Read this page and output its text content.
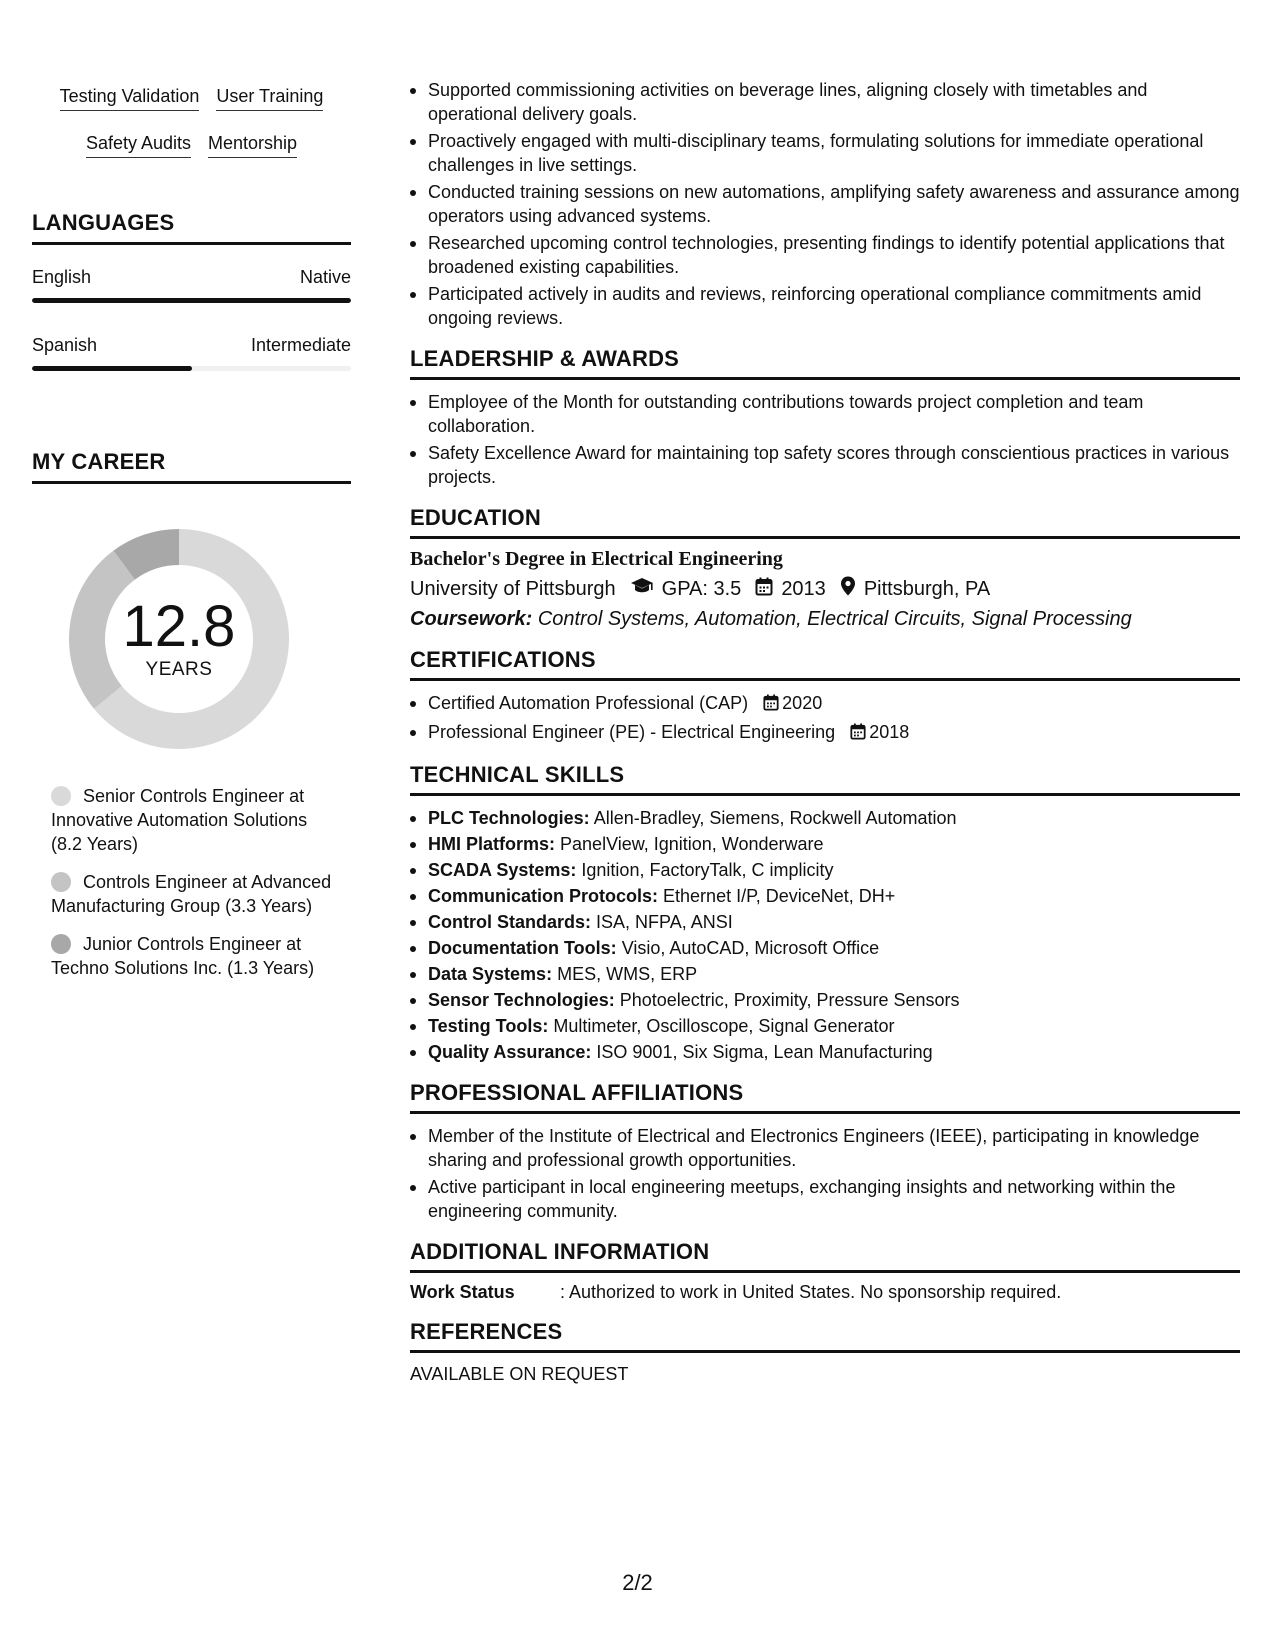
Testing Validation User Training
Safety Audits Mentorship
LANGUAGES
English	Native
Spanish	Intermediate
MY CAREER
12.8
YEARS
Senior Controls Engineer at Innovative Automation Solutions (8.2 Years)
Controls Engineer at Advanced Manufacturing Group (3.3 Years)
Junior Controls Engineer at Techno Solutions Inc. (1.3 Years)
Supported commissioning activities on beverage lines, aligning closely with timetables and operational delivery goals.
Proactively engaged with multi-disciplinary teams, formulating solutions for immediate operational challenges in live settings.
Conducted training sessions on new automations, amplifying safety awareness and assurance among operators using advanced systems.
Researched upcoming control technologies, presenting findings to identify potential applications that broadened existing capabilities.
Participated actively in audits and reviews, reinforcing operational compliance commitments amid ongoing reviews.
LEADERSHIP & AWARDS
Employee of the Month for outstanding contributions towards project completion and team collaboration.
Safety Excellence Award for maintaining top safety scores through conscientious practices in various projects.
EDUCATION
Bachelor's Degree in Electrical Engineering
University of Pittsburgh GPA: 3.5 2013 Pittsburgh, PA
Coursework: Control Systems, Automation, Electrical Circuits, Signal Processing
CERTIFICATIONS
Certified Automation Professional (CAP) 2020
Professional Engineer (PE) - Electrical Engineering 2018
TECHNICAL SKILLS
PLC Technologies: Allen-Bradley, Siemens, Rockwell Automation
HMI Platforms: PanelView, Ignition, Wonderware
SCADA Systems: Ignition, FactoryTalk, C implicity
Communication Protocols: Ethernet I/P, DeviceNet, DH+
Control Standards: ISA, NFPA, ANSI
Documentation Tools: Visio, AutoCAD, Microsoft Office
Data Systems: MES, WMS, ERP
Sensor Technologies: Photoelectric, Proximity, Pressure Sensors
Testing Tools: Multimeter, Oscilloscope, Signal Generator
Quality Assurance: ISO 9001, Six Sigma, Lean Manufacturing
PROFESSIONAL AFFILIATIONS
Member of the Institute of Electrical and Electronics Engineers (IEEE), participating in knowledge sharing and professional growth opportunities.
Active participant in local engineering meetups, exchanging insights and networking within the engineering community.
ADDITIONAL INFORMATION
Work Status	: Authorized to work in United States. No sponsorship required.
REFERENCES
AVAILABLE ON REQUEST
2/2
